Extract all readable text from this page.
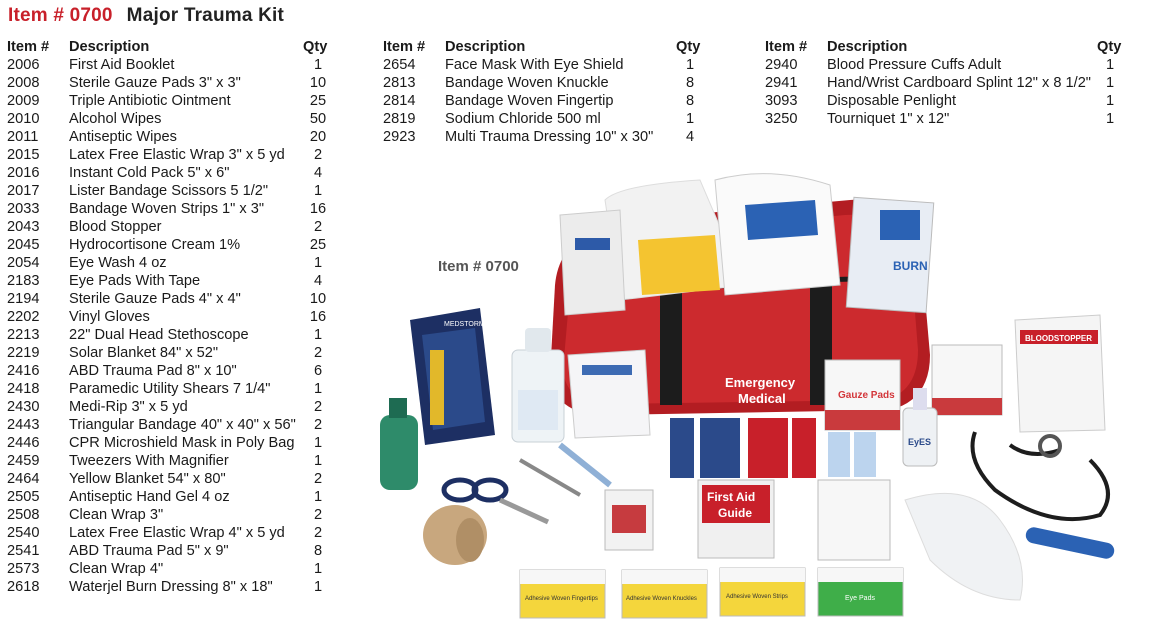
Item # 0700 Major Trauma Kit
Item # Description	Qty
2006 First Aid Booklet	1
2008 Sterile Gauze Pads 3" x 3"	10
2009 Triple Antibiotic Ointment	25
2010 Alcohol Wipes	50
2011 Antiseptic Wipes	20
2015 Latex Free Elastic Wrap 3" x 5 yd	2
2016 Instant Cold Pack 5" x 6"	4
2017 Lister Bandage Scissors 5 1/2"	1
2033 Bandage Woven Strips 1" x 3"	16
2043 Blood Stopper	2
2045 Hydrocortisone Cream 1%	25
2054 Eye Wash 4 oz	1
2183 Eye Pads With Tape	4
2194 Sterile Gauze Pads 4" x 4"	10
2202 Vinyl Gloves	16
2213 22" Dual Head Stethoscope	1
2219 Solar Blanket 84" x 52"	2
2416 ABD Trauma Pad 8" x 10"	6
2418 Paramedic Utility Shears 7 1/4"	1
2430 Medi-Rip 3" x 5 yd	2
2443 Triangular Bandage 40" x 40" x 56"	2
2446 CPR Microshield Mask in Poly Bag	1
2459 Tweezers With Magnifier	1
2464 Yellow Blanket 54" x 80"	2
2505 Antiseptic Hand Gel 4 oz	1
2508 Clean Wrap 3"	2
2540 Latex Free Elastic Wrap 4" x 5 yd	2
2541 ABD Trauma Pad 5" x 9"	8
2573 Clean Wrap 4"	1
2618 Waterjel Burn Dressing 8" x 18"	1
Item # Description	Qty
2654 Face Mask With Eye Shield	1
2813 Bandage Woven Knuckle	8
2814 Bandage Woven Fingertip	8
2819 Sodium Chloride 500 ml	1
2923 Multi Trauma Dressing 10" x 30"	4
Item # Description	Qty
2940 Blood Pressure Cuffs Adult	1
2941 Hand/Wrist Cardboard Splint 12" x 8 1/2"	1
3093 Disposable Penlight	1
3250 Tourniquet 1" x 12"	1
Emergency
Medical
BURN
MEDSTORM
Gauze Pads
EyES
BLOODSTOPPER
First Aid
Guide
Adhesive Woven Fingertips	Adhesive Woven Knuckles	Adhesive Woven Strips	Eye Pads
Item # 0700
